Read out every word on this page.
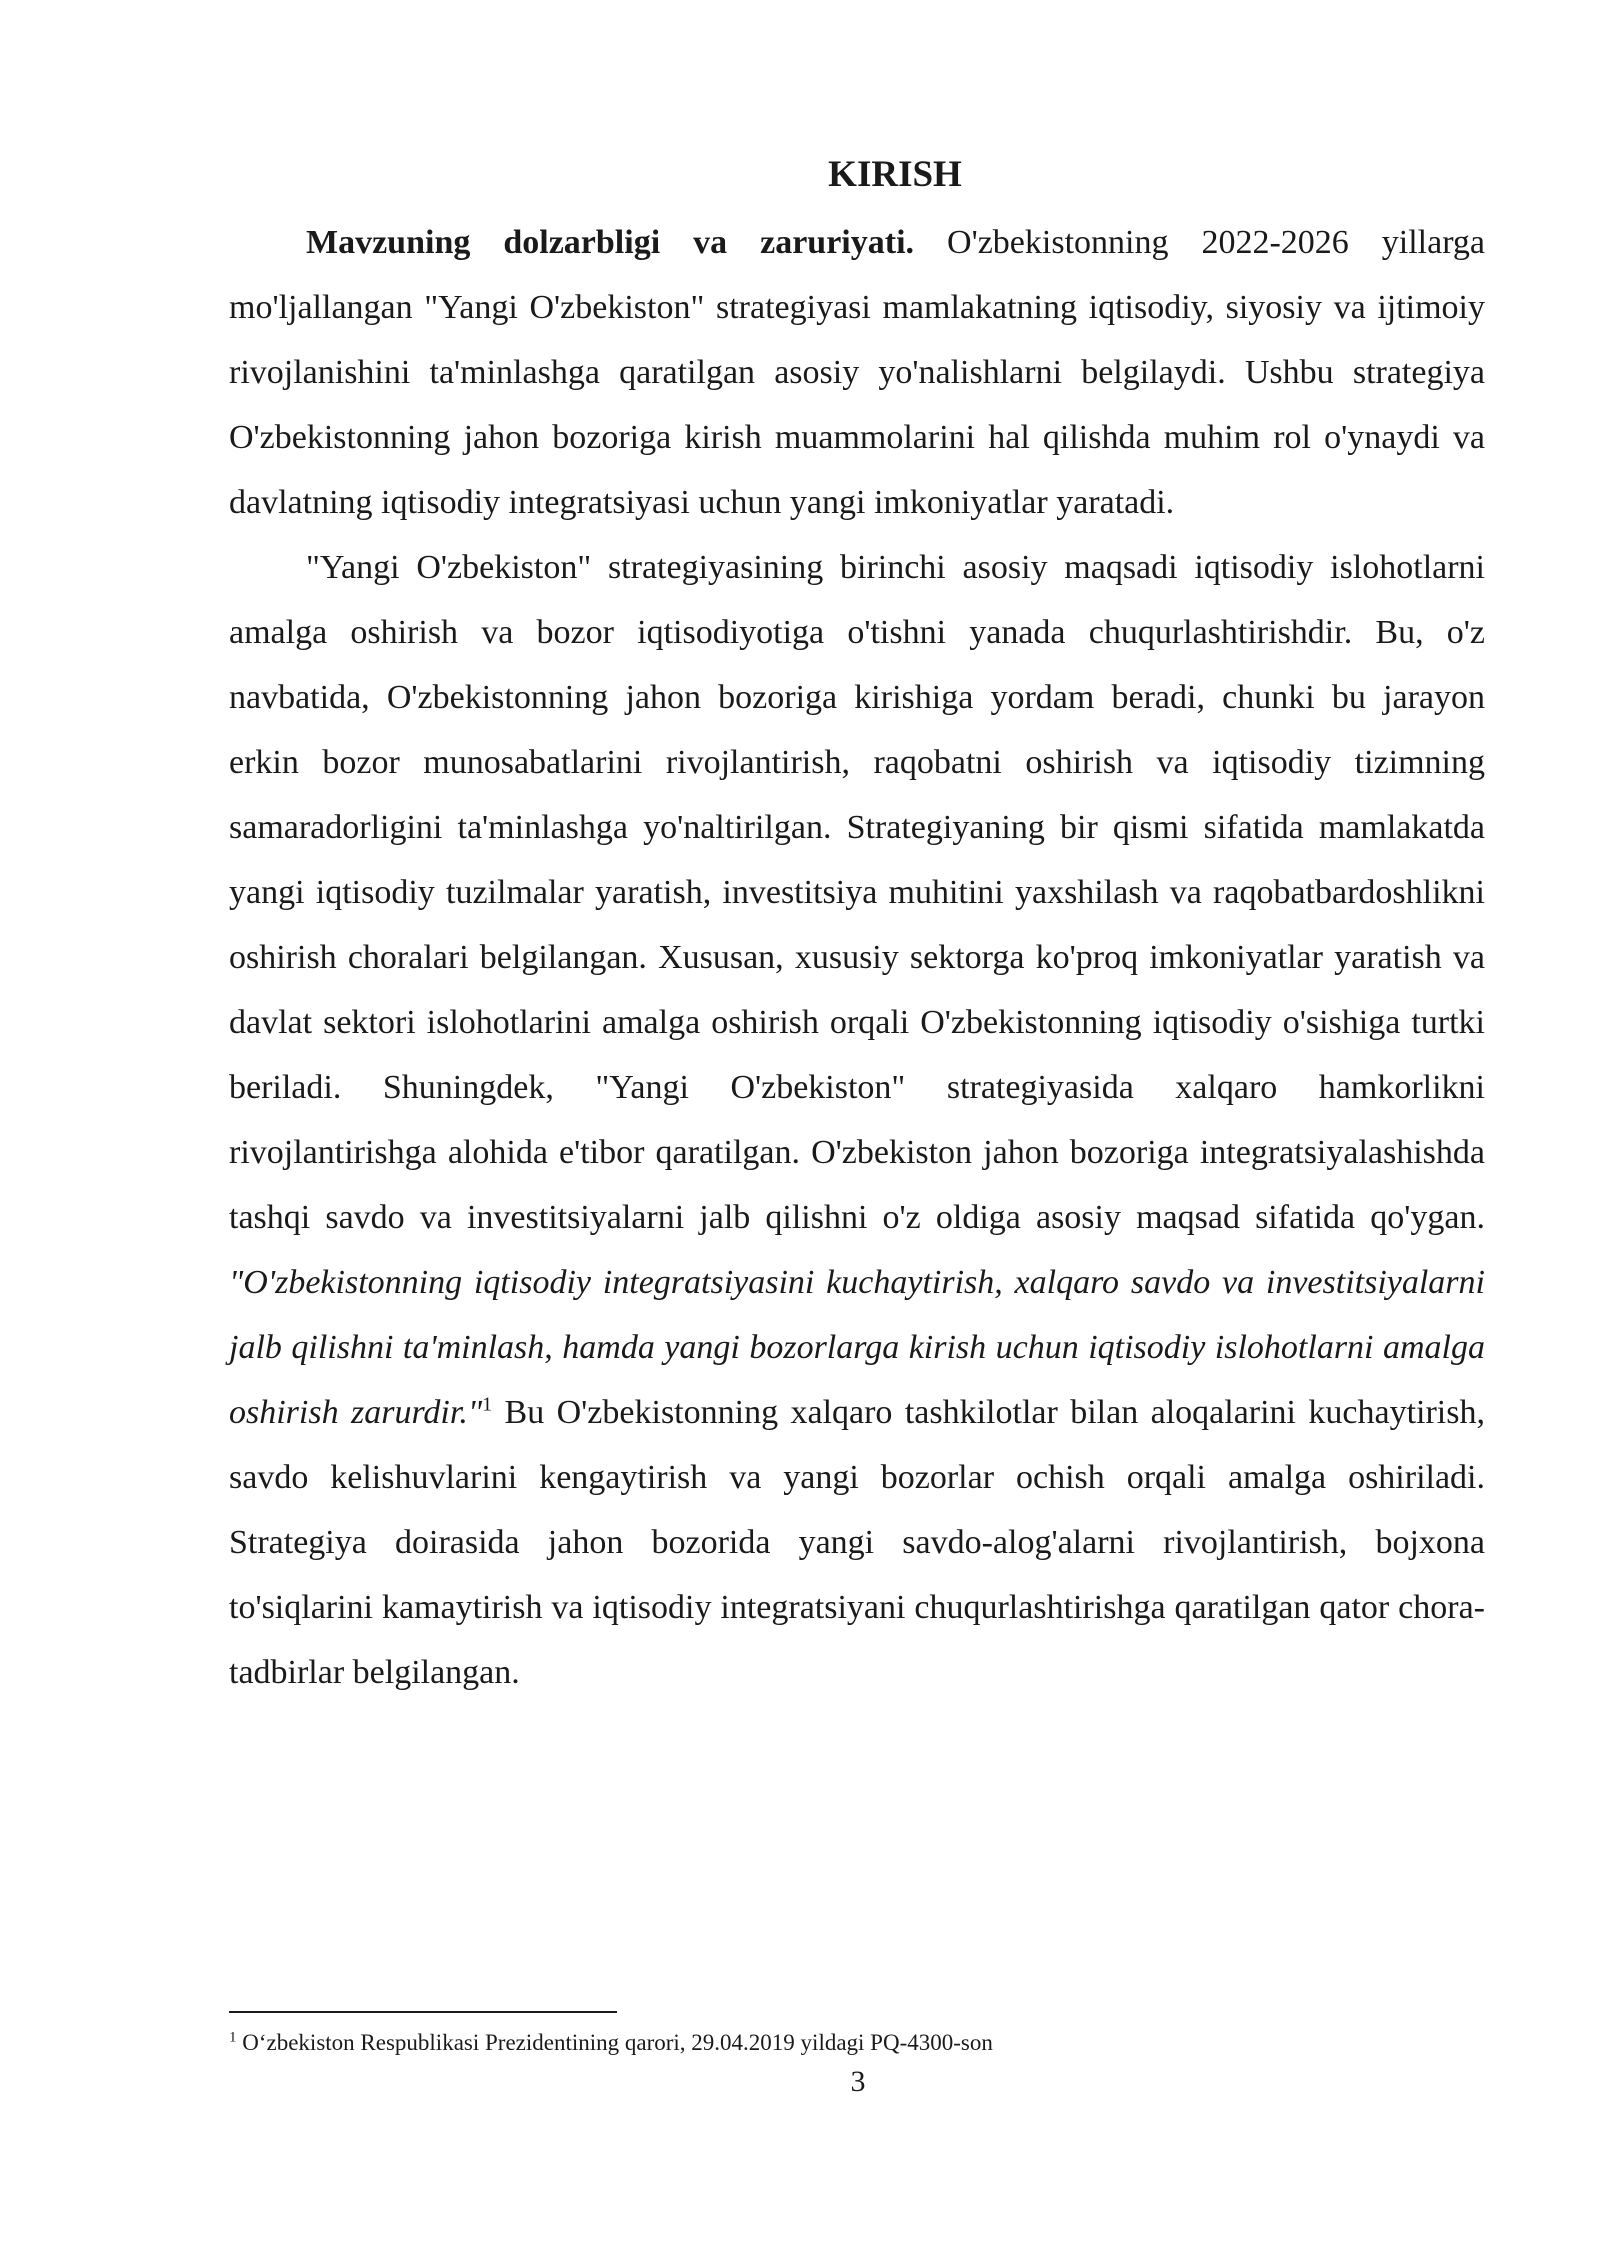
KIRISH

Mavzuning dolzarbligi va zaruriyati. O'zbekistonning 2022-2026 yillarga mo'ljallangan "Yangi O'zbekiston" strategiyasi mamlakatning iqtisodiy, siyosiy va ijtimoiy rivojlanishini ta'minlashga qaratilgan asosiy yo'nalishlarni belgilaydi. Ushbu strategiya O'zbekistonning jahon bozoriga kirish muammolarini hal qilishda muhim rol o'ynaydi va davlatning iqtisodiy integratsiyasi uchun yangi imkoniyatlar yaratadi.

"Yangi O'zbekiston" strategiyasining birinchi asosiy maqsadi iqtisodiy islohotlarni amalga oshirish va bozor iqtisodiyotiga o'tishni yanada chuqurlashtirishdir. Bu, o'z navbatida, O'zbekistonning jahon bozoriga kirishiga yordam beradi, chunki bu jarayon erkin bozor munosabatlarini rivojlantirish, raqobatni oshirish va iqtisodiy tizimning samaradorligini ta'minlashga yo'naltirilgan. Strategiyaning bir qismi sifatida mamlakatda yangi iqtisodiy tuzilmalar yaratish, investitsiya muhitini yaxshilash va raqobatbardoshlikni oshirish choralari belgilangan. Xususan, xususiy sektorga ko'proq imkoniyatlar yaratish va davlat sektori islohotlarini amalga oshirish orqali O'zbekistonning iqtisodiy o'sishiga turtki beriladi. Shuningdek, "Yangi O'zbekiston" strategiyasida xalqaro hamkorlikni rivojlantirishga alohida e'tibor qaratilgan. O'zbekiston jahon bozoriga integratsiyalashishda tashqi savdo va investitsiyalarni jalb qilishni o'z oldiga asosiy maqsad sifatida qo'ygan. "O'zbekistonning iqtisodiy integratsiyasini kuchaytirish, xalqaro savdo va investitsiyalarni jalb qilishni ta'minlash, hamda yangi bozorlarga kirish uchun iqtisodiy islohotlarni amalga oshirish zarurdir."$^1$ Bu O'zbekistonning xalqaro tashkilotlar bilan aloqalarini kuchaytirish, savdo kelishuvlarini kengaytirish va yangi bozorlar ochish orqali amalga oshiriladi. Strategiya doirasida jahon bozorida yangi savdo-alog'alarni rivojlantirish, bojxona to'siqlarini kamaytirish va iqtisodiy integratsiyani chuqurlashtirishga qaratilgan qator chora-tadbirlar belgilangan.

$^1$ O‘zbekiston Respublikasi Prezidentining qarori, 29.04.2019 yildagi PQ-4300-son
3
